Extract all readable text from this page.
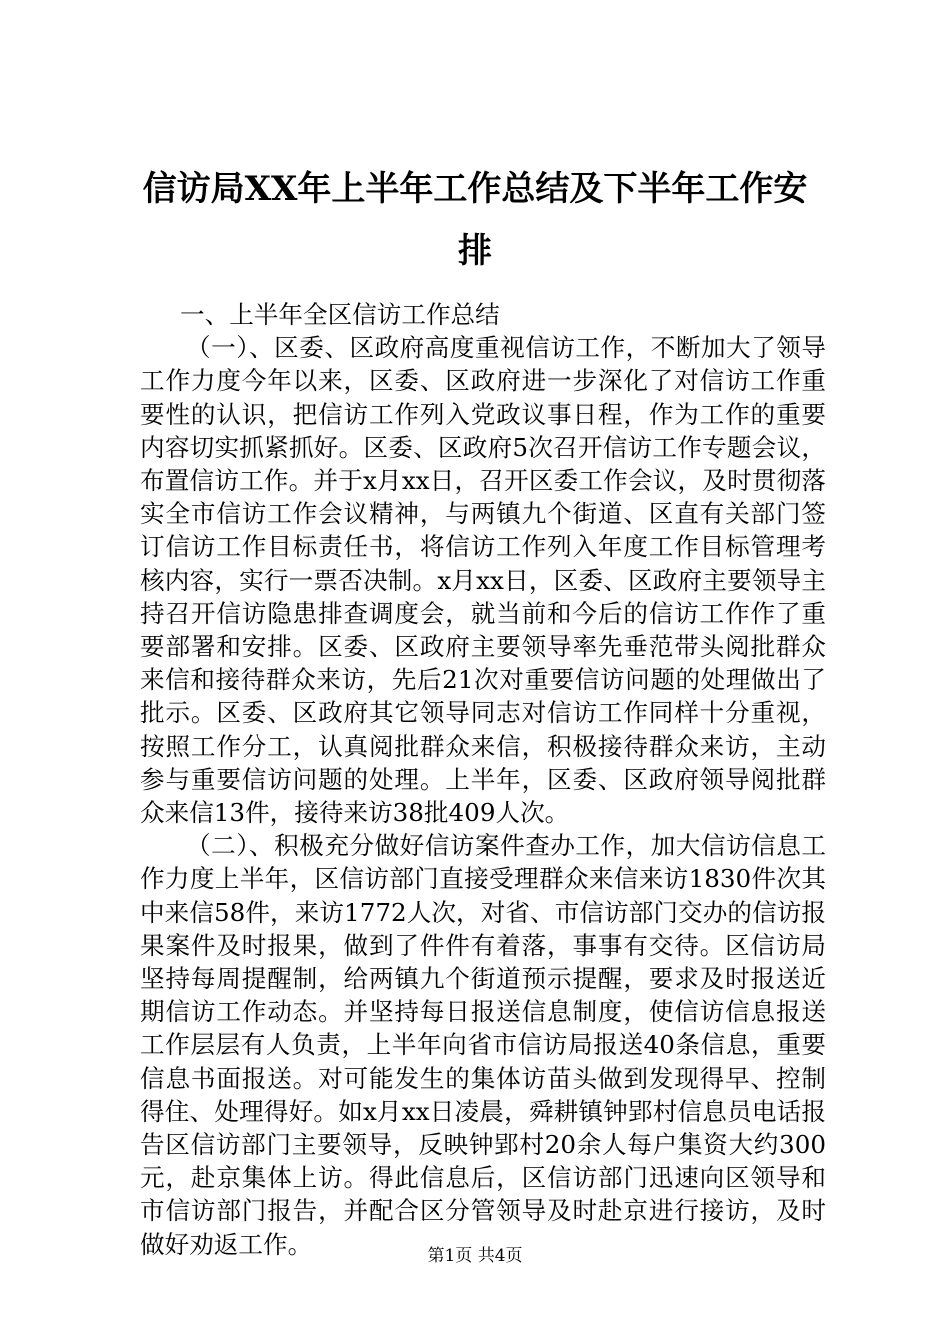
信访局XX年上半年工作总结及下半年工作安排

一、上半年全区信访工作总结

（一）、区委、区政府高度重视信访工作，不断加大了领导工作力度今年以来，区委、区政府进一步深化了对信访工作重要性的认识，把信访工作列入党政议事日程，作为工作的重要内容切实抓紧抓好。区委、区政府5次召开信访工作专题会议，布置信访工作。并于x月xx日，召开区委工作会议，及时贯彻落实全市信访工作会议精神，与两镇九个街道、区直有关部门签订信访工作目标责任书，将信访工作列入年度工作目标管理考核内容，实行一票否决制。x月xx日，区委、区政府主要领导主持召开信访隐患排查调度会，就当前和今后的信访工作作了重要部署和安排。区委、区政府主要领导率先垂范带头阅批群众来信和接待群众来访，先后21次对重要信访问题的处理做出了批示。区委、区政府其它领导同志对信访工作同样十分重视，按照工作分工，认真阅批群众来信，积极接待群众来访，主动参与重要信访问题的处理。上半年，区委、区政府领导阅批群众来信13件，接待来访38批409人次。

（二）、积极充分做好信访案件查办工作，加大信访信息工作力度上半年，区信访部门直接受理群众来信来访1830件次其中来信58件，来访1772人次，对省、市信访部门交办的信访报果案件及时报果，做到了件件有着落，事事有交待。区信访局坚持每周提醒制，给两镇九个街道预示提醒，要求及时报送近期信访工作动态。并坚持每日报送信息制度，使信访信息报送工作层层有人负责，上半年向省市信访局报送40条信息，重要信息书面报送。对可能发生的集体访苗头做到发现得早、控制得住、处理得好。如x月xx日凌晨，舜耕镇钟郢村信息员电话报告区信访部门主要领导，反映钟郢村20余人每户集资大约300元，赴京集体上访。得此信息后，区信访部门迅速向区领导和市信访部门报告，并配合区分管领导及时赴京进行接访，及时做好劝返工作。	第1页 共4页
